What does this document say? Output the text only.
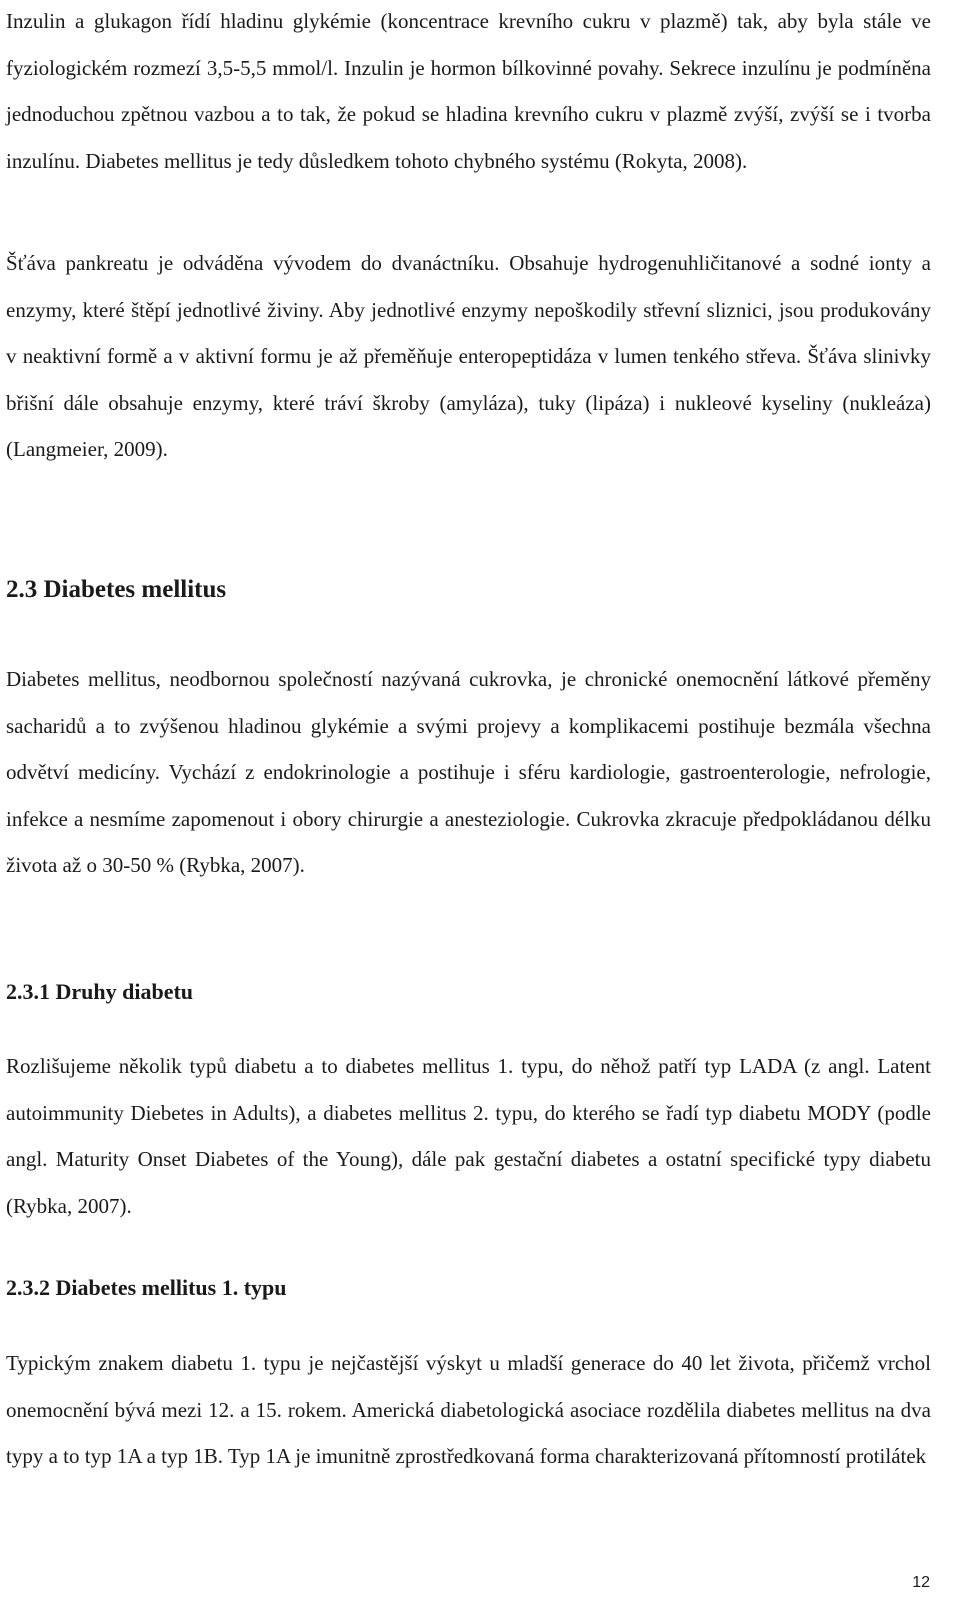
Inzulin a glukagon řídí hladinu glykémie (koncentrace krevního cukru v plazmě) tak, aby byla stále ve fyziologickém rozmezí 3,5-5,5 mmol/l. Inzulin je hormon bílkovinné povahy. Sekrece inzulínu je podmíněna jednoduchou zpětnou vazbou a to tak, že pokud se hladina krevního cukru v plazmě zvýší, zvýší se i tvorba inzulínu. Diabetes mellitus je tedy důsledkem tohoto chybného systému (Rokyta, 2008).

Šťáva pankreatu je odváděna vývodem do dvanáctníku. Obsahuje hydrogenuhličitanové a sodné ionty a enzymy, které štěpí jednotlivé živiny. Aby jednotlivé enzymy nepoškodily střevní sliznici, jsou produkovány v neaktivní formě a v aktivní formu je až přeměňuje enteropeptidáza v lumen tenkého střeva. Šťáva slinivky břišní dále obsahuje enzymy, které tráví škroby (amyláza), tuky (lipáza) i nukleové kyseliny (nukleáza) (Langmeier, 2009).

2.3 Diabetes mellitus

Diabetes mellitus, neodbornou společností nazývaná cukrovka, je chronické onemocnění látkové přeměny sacharidů a to zvýšenou hladinou glykémie a svými projevy a komplikacemi postihuje bezmála všechna odvětví medicíny. Vychází z endokrinologie a postihuje i sféru kardiologie, gastroenterologie, nefrologie, infekce a nesmíme zapomenout i obory chirurgie a anesteziologie. Cukrovka zkracuje předpokládanou délku života až o 30-50 % (Rybka, 2007).

2.3.1 Druhy diabetu

Rozlišujeme několik typů diabetu a to diabetes mellitus 1. typu, do něhož patří typ LADA (z angl. Latent autoimmunity Diebetes in Adults), a diabetes mellitus 2. typu, do kterého se řadí typ diabetu MODY (podle angl. Maturity Onset Diabetes of the Young), dále pak gestační diabetes a ostatní specifické typy diabetu (Rybka, 2007).

2.3.2 Diabetes mellitus 1. typu

Typickým znakem diabetu 1. typu je nejčastější výskyt u mladší generace do 40 let života, přičemž vrchol onemocnění bývá mezi 12. a 15. rokem. Americká diabetologická asociace rozdělila diabetes mellitus na dva typy a to typ 1A a typ 1B. Typ 1A je imunitně zprostředkovaná forma charakterizovaná přítomností protilátek

12
